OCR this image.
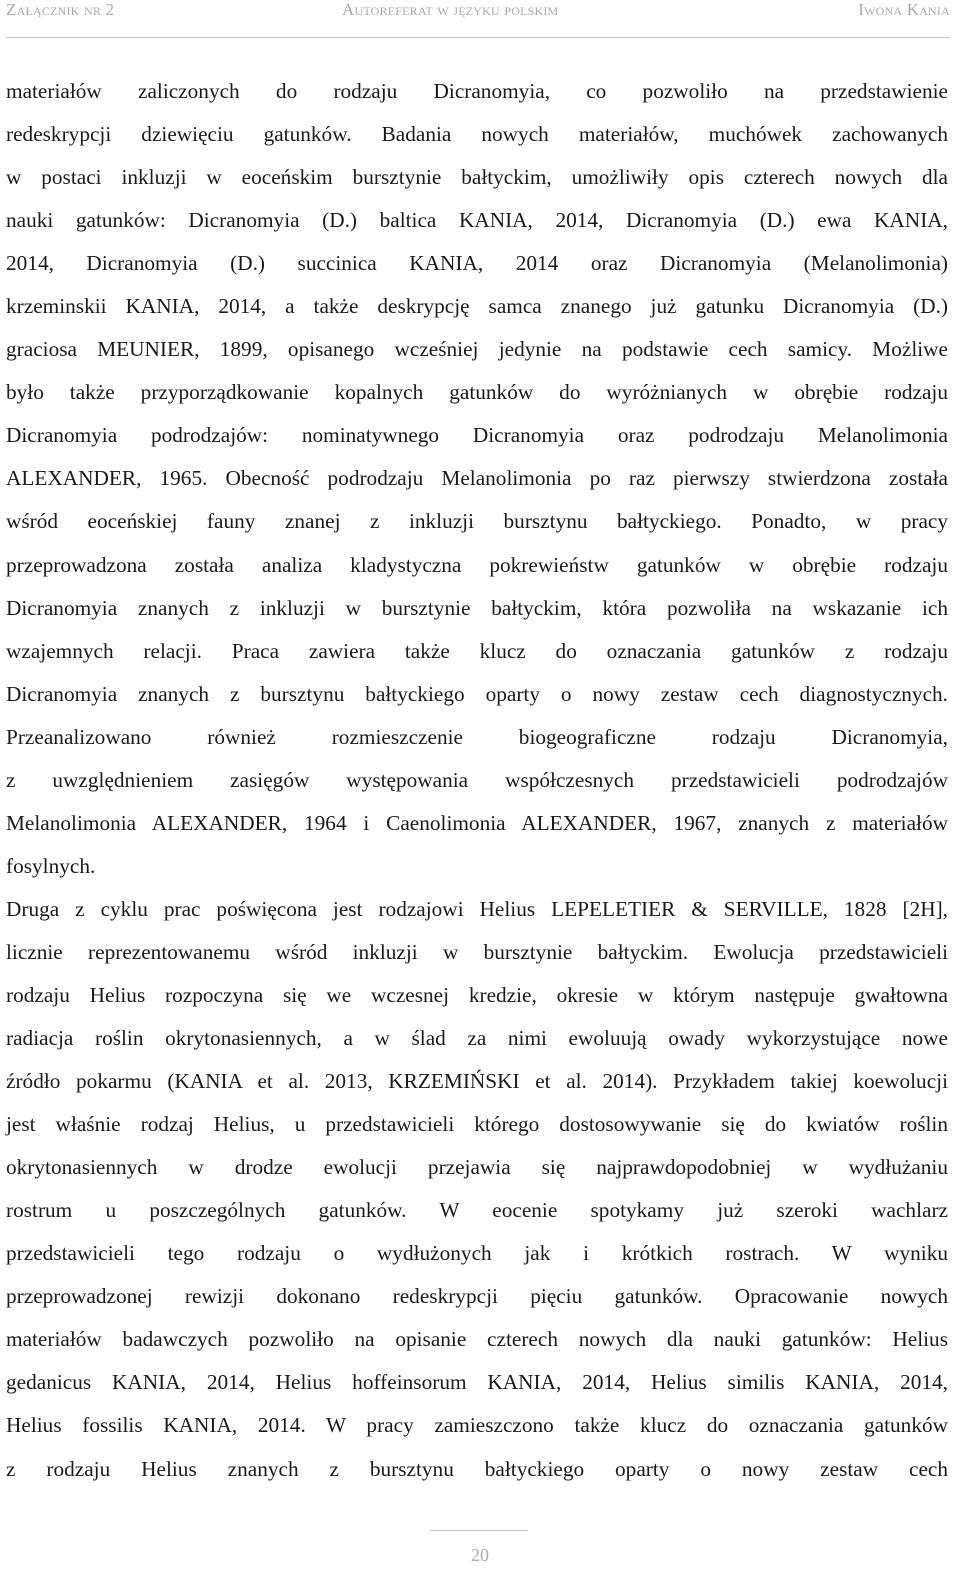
Załącznik nr 2	Autoreferat w języku polskim	Iwona Kania

materiałów zaliczonych do rodzaju Dicranomyia, co pozwoliło na przedstawienie

redeskrypcji dziewięciu gatunków. Badania nowych materiałów, muchówek zachowanych

w postaci inkluzji w eoceńskim bursztynie bałtyckim, umożliwiły opis czterech nowych dla

nauki gatunków: Dicranomyia (D.) baltica KANIA, 2014, Dicranomyia (D.) ewa KANIA,

2014, Dicranomyia (D.) succinica KANIA, 2014 oraz Dicranomyia (Melanolimonia)

krzeminskii KANIA, 2014, a także deskrypcję samca znanego już gatunku Dicranomyia (D.)

graciosa MEUNIER, 1899, opisanego wcześniej jedynie na podstawie cech samicy. Możliwe

było także przyporządkowanie kopalnych gatunków do wyróżnianych w obrębie rodzaju

Dicranomyia podrodzajów: nominatywnego Dicranomyia oraz podrodzaju Melanolimonia

ALEXANDER, 1965. Obecność podrodzaju Melanolimonia po raz pierwszy stwierdzona została

wśród eoceńskiej fauny znanej z inkluzji bursztynu bałtyckiego. Ponadto, w pracy

przeprowadzona została analiza kladystyczna pokrewieństw gatunków w obrębie rodzaju

Dicranomyia znanych z inkluzji w bursztynie bałtyckim, która pozwoliła na wskazanie ich

wzajemnych relacji. Praca zawiera także klucz do oznaczania gatunków z rodzaju

Dicranomyia znanych z bursztynu bałtyckiego oparty o nowy zestaw cech diagnostycznych.

Przeanalizowano również rozmieszczenie biogeograficzne rodzaju Dicranomyia,

z uwzględnieniem zasięgów występowania współczesnych przedstawicieli podrodzajów

Melanolimonia ALEXANDER, 1964 i Caenolimonia ALEXANDER, 1967, znanych z materiałów

fosylnych.

Druga z cyklu prac poświęcona jest rodzajowi Helius LEPELETIER & SERVILLE, 1828 [2H],

licznie reprezentowanemu wśród inkluzji w bursztynie bałtyckim. Ewolucja przedstawicieli

rodzaju Helius rozpoczyna się we wczesnej kredzie, okresie w którym następuje gwałtowna

radiacja roślin okrytonasiennych, a w ślad za nimi ewoluują owady wykorzystujące nowe

źródło pokarmu (KANIA et al. 2013, KRZEMIŃSKI et al. 2014). Przykładem takiej koewolucji

jest właśnie rodzaj Helius, u przedstawicieli którego dostosowywanie się do kwiatów roślin

okrytonasiennych w drodze ewolucji przejawia się najprawdopodobniej w wydłużaniu

rostrum u poszczególnych gatunków. W eocenie spotykamy już szeroki wachlarz

przedstawicieli tego rodzaju o wydłużonych jak i krótkich rostrach. W wyniku

przeprowadzonej rewizji dokonano redeskrypcji pięciu gatunków. Opracowanie nowych

materiałów badawczych pozwoliło na opisanie czterech nowych dla nauki gatunków: Helius

gedanicus KANIA, 2014, Helius hoffeinsorum KANIA, 2014, Helius similis KANIA, 2014,

Helius fossilis KANIA, 2014. W pracy zamieszczono także klucz do oznaczania gatunków

z rodzaju Helius znanych z bursztynu bałtyckiego oparty o nowy zestaw cech

20
